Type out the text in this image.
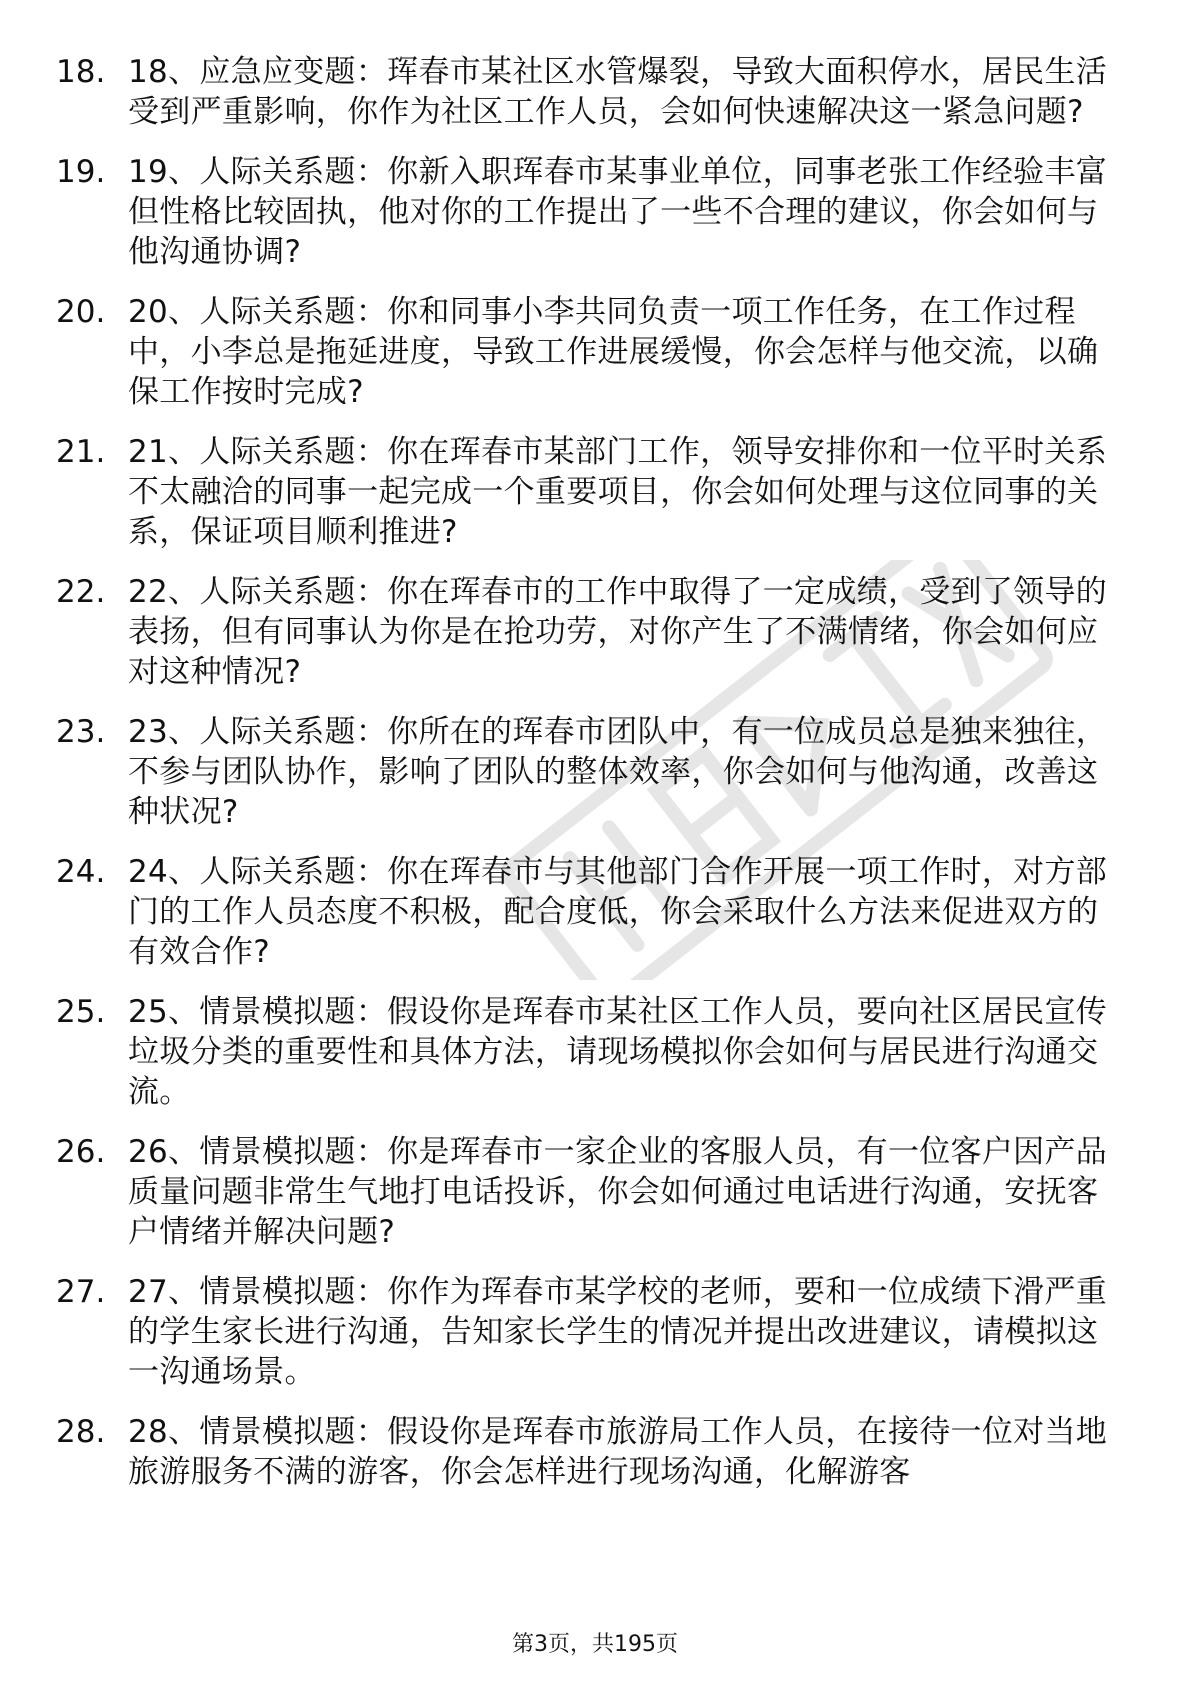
18. 18、应急应变题：珲春市某社区水管爆裂，导致大面积停水，居民生活受到严重影响，你作为社区工作人员，会如何快速解决这一紧急问题?
19. 19、人际关系题：你新入职珲春市某事业单位，同事老张工作经验丰富但性格比较固执，他对你的工作提出了一些不合理的建议，你会如何与他沟通协调?
20. 20、人际关系题：你和同事小李共同负责一项工作任务，在工作过程中，小李总是拖延进度，导致工作进展缓慢，你会怎样与他交流，以确保工作按时完成?
21. 21、人际关系题：你在珲春市某部门工作，领导安排你和一位平时关系不太融洽的同事一起完成一个重要项目，你会如何处理与这位同事的关系，保证项目顺利推进?
22. 22、人际关系题：你在珲春市的工作中取得了一定成绩，受到了领导的表扬，但有同事认为你是在抢功劳，对你产生了不满情绪，你会如何应对这种情况?
23. 23、人际关系题：你所在的珲春市团队中，有一位成员总是独来独往，不参与团队协作，影响了团队的整体效率，你会如何与他沟通，改善这种状况?
24. 24、人际关系题：你在珲春市与其他部门合作开展一项工作时，对方部门的工作人员态度不积极，配合度低，你会采取什么方法来促进双方的有效合作?
25. 25、情景模拟题：假设你是珲春市某社区工作人员，要向社区居民宣传垃圾分类的重要性和具体方法，请现场模拟你会如何与居民进行沟通交流。
26. 26、情景模拟题：你是珲春市一家企业的客服人员，有一位客户因产品质量问题非常生气地打电话投诉，你会如何通过电话进行沟通，安抚客户情绪并解决问题?
27. 27、情景模拟题：你作为珲春市某学校的老师，要和一位成绩下滑严重的学生家长进行沟通，告知家长学生的情况并提出改进建议，请模拟这一沟通场景。
28. 28、情景模拟题：假设你是珲春市旅游局工作人员，在接待一位对当地旅游服务不满的游客，你会怎样进行现场沟通，化解游客
第3页，共195页
